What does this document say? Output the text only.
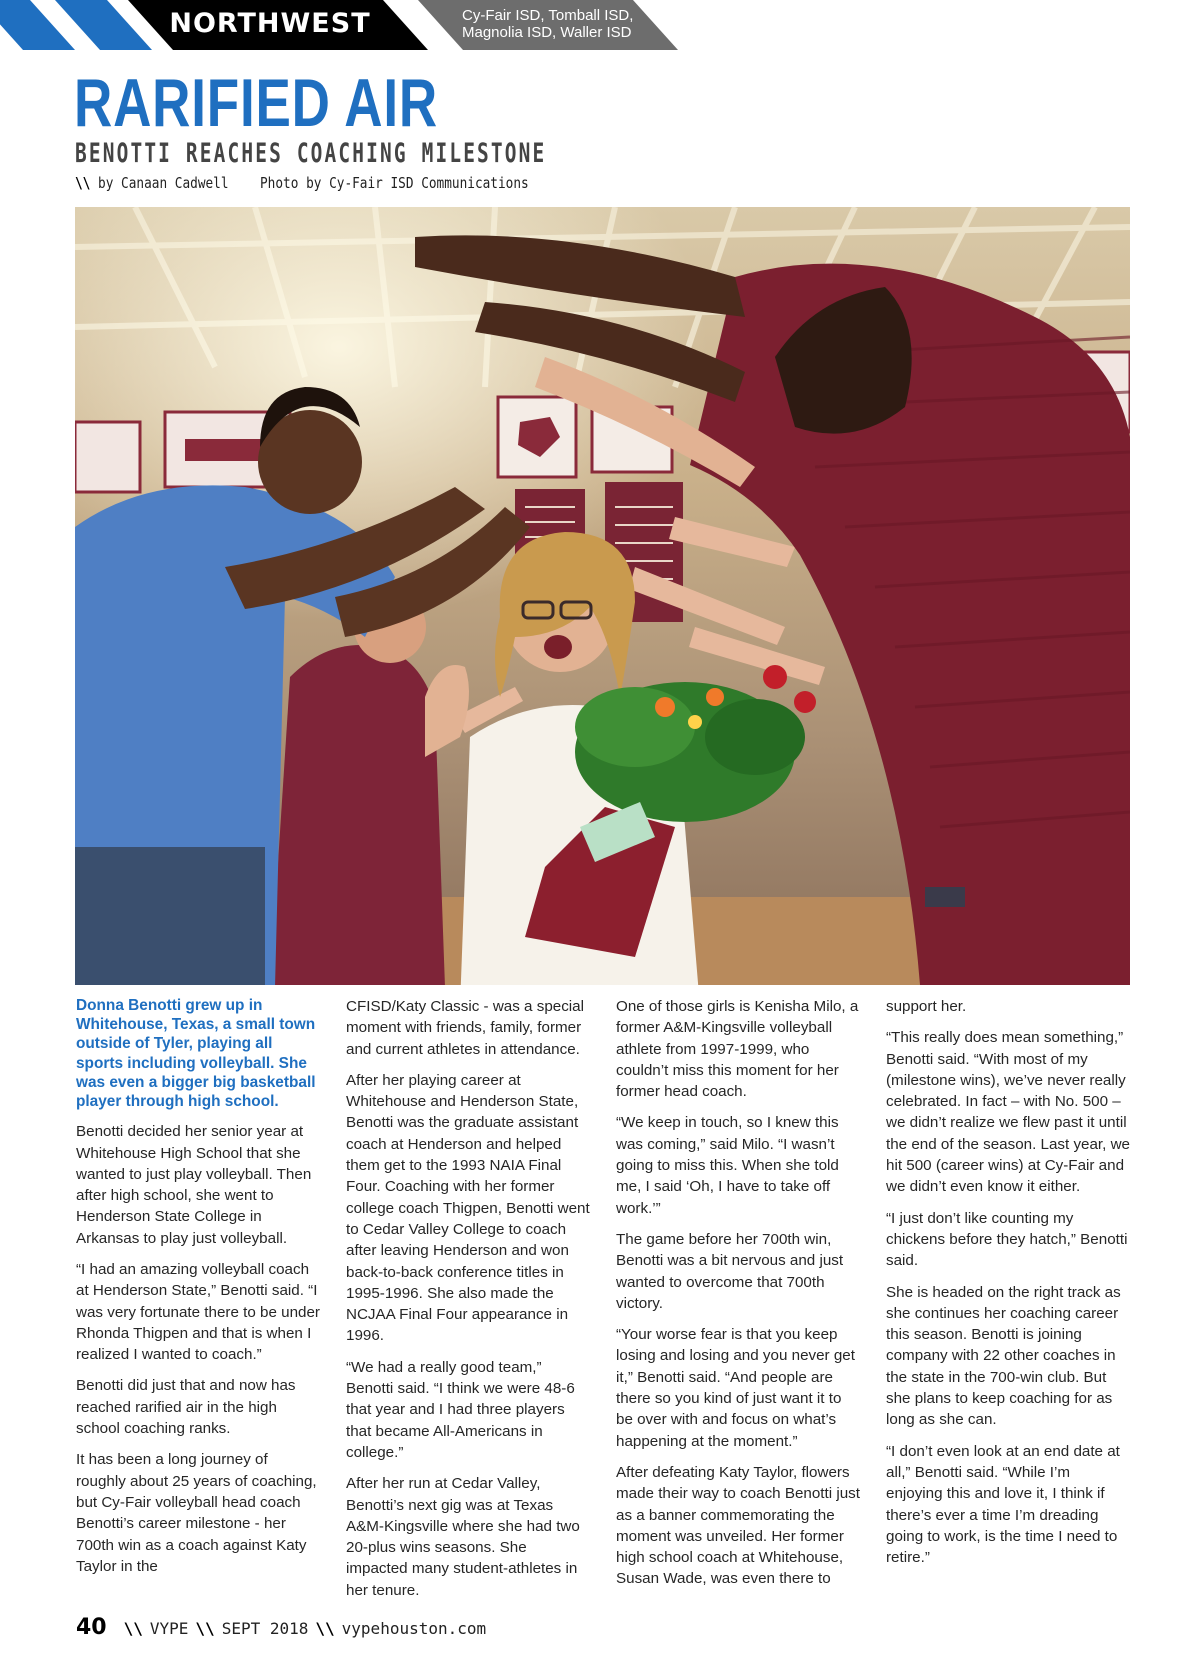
NORTHWEST	Cy-Fair ISD, Tomball ISD,
Magnolia ISD, Waller ISD
RARIFIED AIR
BENOTTI REACHES COACHING MILESTONE
\\ by Canaan Cadwell Photo by Cy-Fair ISD Communications

Donna Benotti grew up in Whitehouse, Texas, a small town outside of Tyler, playing all sports including volleyball. She was even a bigger big basketball player through high school.

Benotti decided her senior year at Whitehouse High School that she wanted to just play volleyball. Then after high school, she went to Henderson State College in Arkansas to play just volleyball.

“I had an amazing volleyball coach at Henderson State,” Benotti said. “I was very fortunate there to be under Rhonda Thigpen and that is when I realized I wanted to coach.”

Benotti did just that and now has reached rarified air in the high school coaching ranks.

It has been a long journey of roughly about 25 years of coaching, but Cy-Fair volleyball head coach Benotti’s career milestone - her 700th win as a coach against Katy Taylor in the

CFISD/Katy Classic - was a special moment with friends, family, former and current athletes in attendance.

After her playing career at Whitehouse and Henderson State, Benotti was the graduate assistant coach at Henderson and helped them get to the 1993 NAIA Final Four. Coaching with her former college coach Thigpen, Benotti went to Cedar Valley College to coach after leaving Henderson and won back-to-back conference titles in 1995-1996. She also made the NCJAA Final Four appearance in 1996.

“We had a really good team,” Benotti said. “I think we were 48-6 that year and I had three players that became All-Americans in college.”

After her run at Cedar Valley, Benotti’s next gig was at Texas A&M-Kingsville where she had two 20-plus wins seasons. She impacted many student-athletes in her tenure.

One of those girls is Kenisha Milo, a former A&M-Kingsville volleyball athlete from 1997-1999, who couldn’t miss this moment for her former head coach.

“We keep in touch, so I knew this was coming,” said Milo. “I wasn’t going to miss this. When she told me, I said ‘Oh, I have to take off work.’”

The game before her 700th win, Benotti was a bit nervous and just wanted to overcome that 700th victory.

“Your worse fear is that you keep losing and losing and you never get it,” Benotti said. “And people are there so you kind of just want it to be over with and focus on what’s happening at the moment.”

After defeating Katy Taylor, flowers made their way to coach Benotti just as a banner commemorating the moment was unveiled. Her former high school coach at Whitehouse, Susan Wade, was even there to

support her.

“This really does mean something,” Benotti said. “With most of my (milestone wins), we’ve never really celebrated. In fact – with No. 500 – we didn’t realize we flew past it until the end of the season. Last year, we hit 500 (career wins) at Cy-Fair and we didn’t even know it either.

“I just don’t like counting my chickens before they hatch,” Benotti said.

She is headed on the right track as she continues her coaching career this season. Benotti is joining company with 22 other coaches in the state in the 700-win club. But she plans to keep coaching for as long as she can.

“I don’t even look at an end date at all,” Benotti said. “While I’m enjoying this and love it, I think if there’s ever a time I’m dreading going to work, is the time I need to retire.”

40 \\ VYPE \\ SEPT 2018 \\ vypehouston.com
